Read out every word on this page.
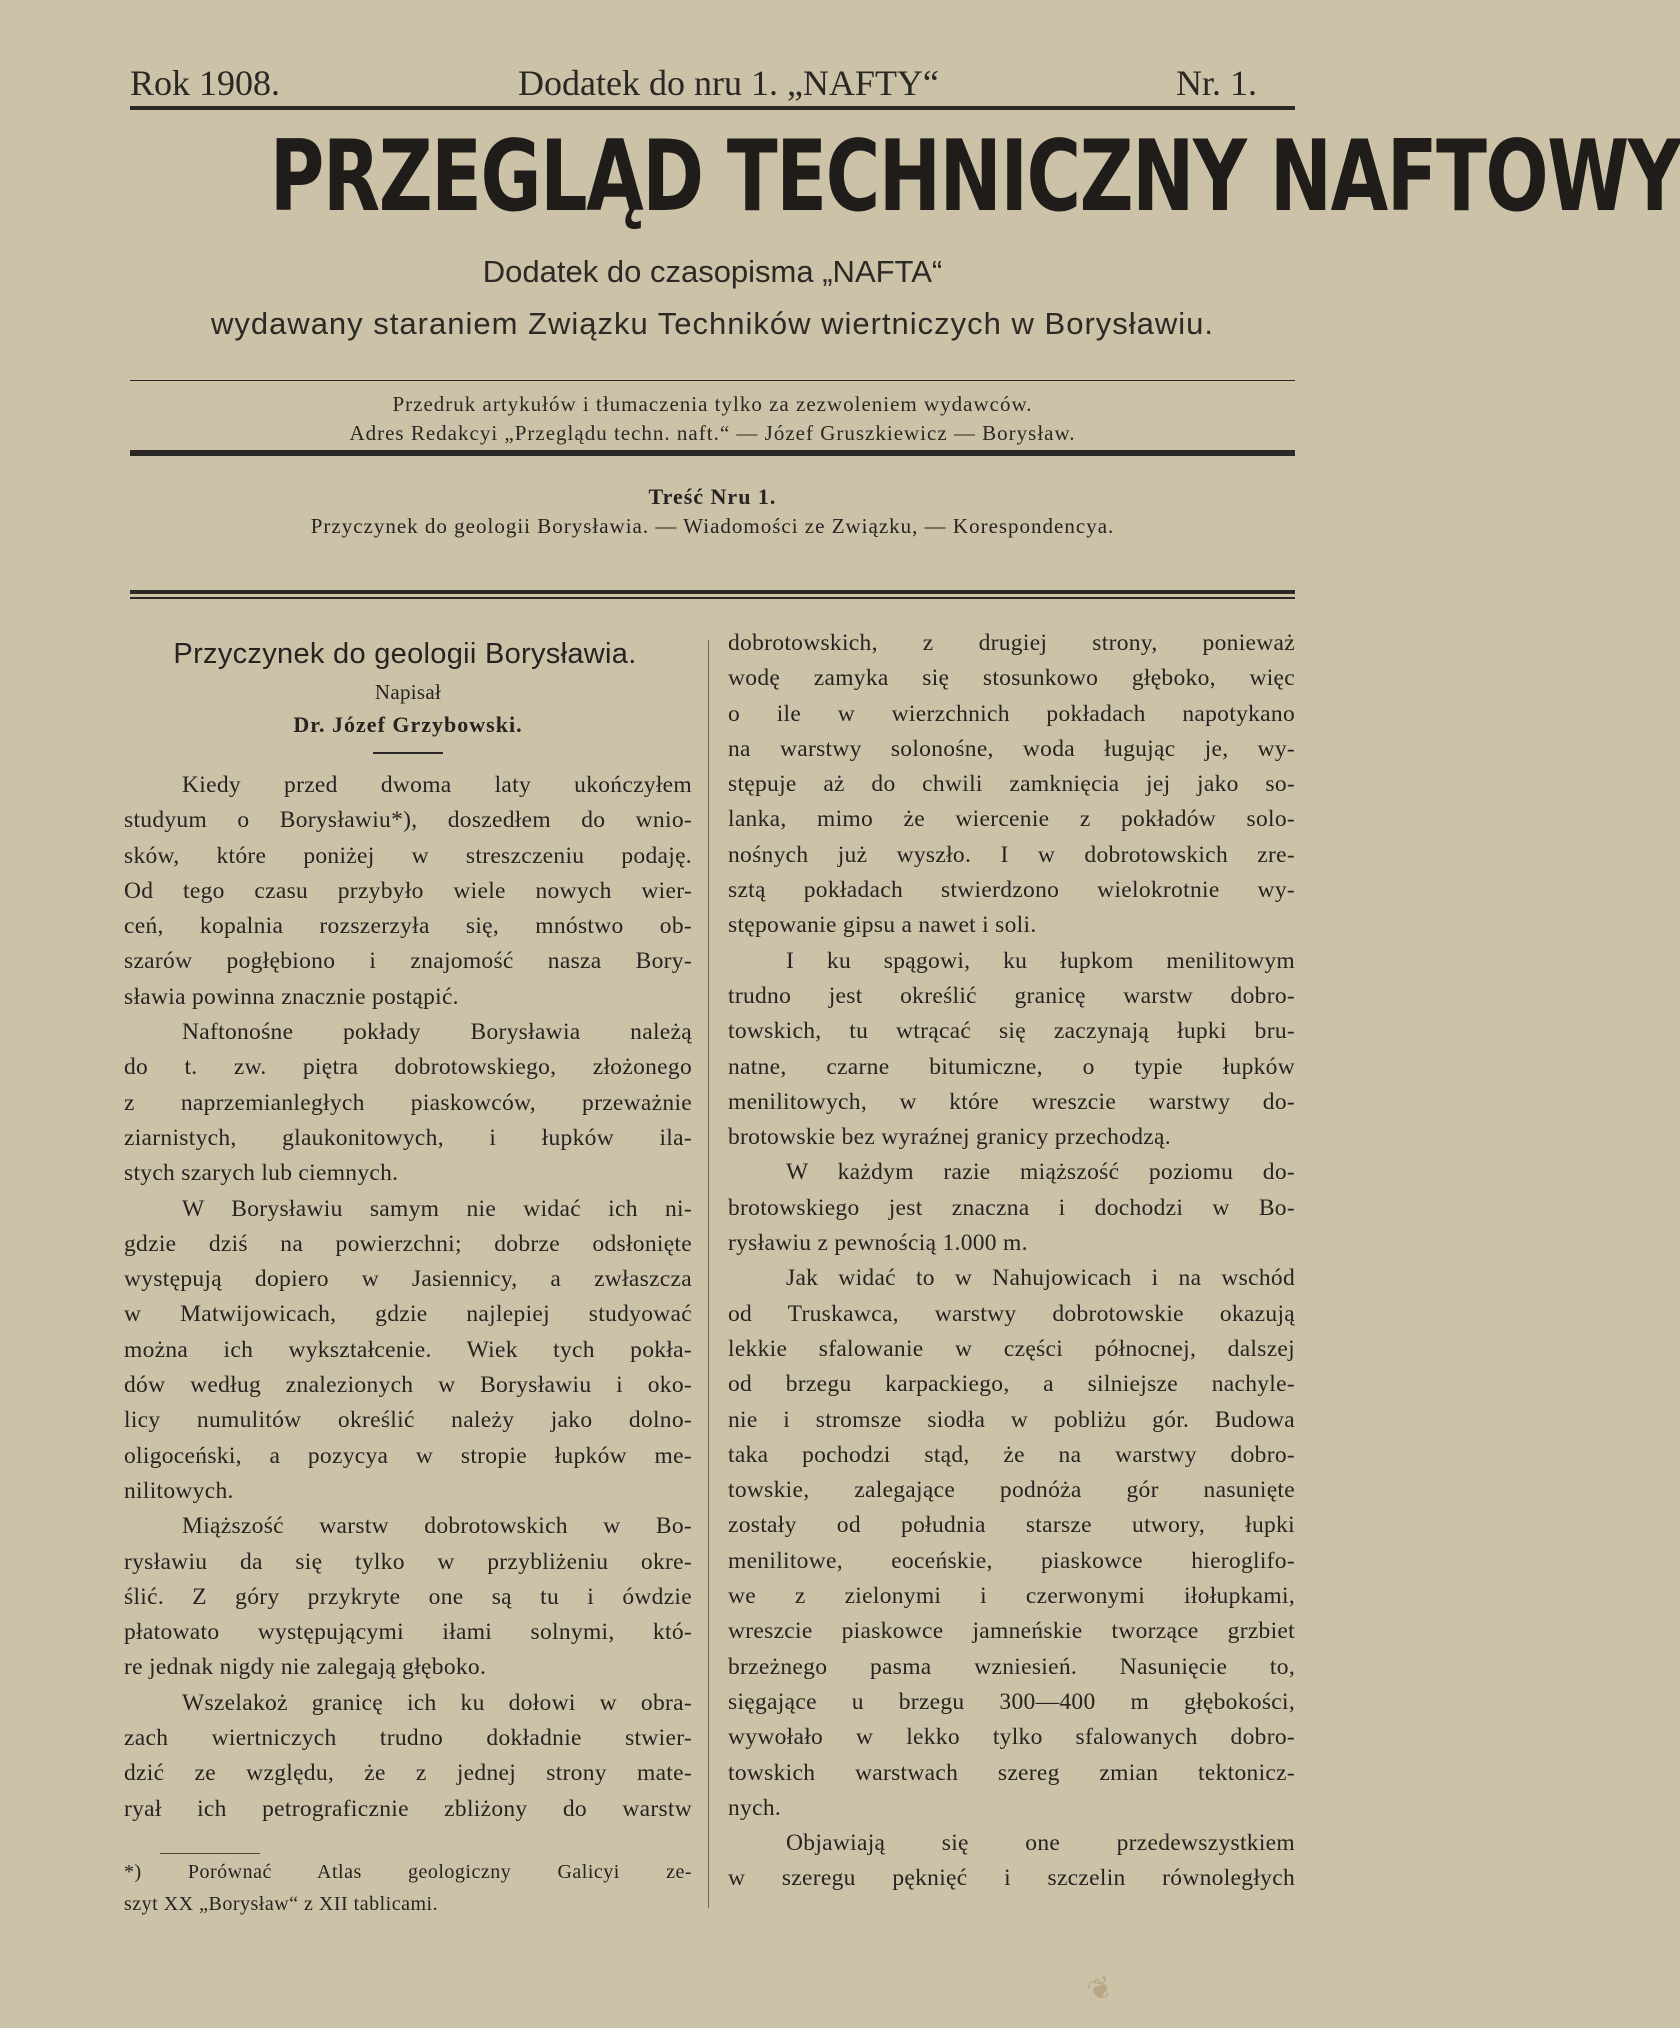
Rok 1908.	Dodatek do nru 1. „NAFTY“	Nr. 1.
PRZEGLĄD TECHNICZNY NAFTOWY
Dodatek do czasopisma „NAFTA“
wydawany staraniem Związku Techników wiertniczych w Borysławiu.
Przedruk artykułów i tłumaczenia tylko za zezwoleniem wydawców.
Adres Redakcyi „Przeglądu techn. naft.“ — Józef Gruszkiewicz — Borysław.
Treść Nru 1.
Przyczynek do geologii Borysławia. — Wiadomości ze Związku, — Korespondencya.
Przyczynek do geologii Borysławia.
Napisał
Dr. Józef Grzybowski.
Kiedy przed dwoma laty ukończyłem
studyum o Borysławiu*), doszedłem do wnio-
sków, które poniżej w streszczeniu podaję.
Od tego czasu przybyło wiele nowych wier-
ceń, kopalnia rozszerzyła się, mnóstwo ob-
szarów pogłębiono i znajomość nasza Bory-
sławia powinna znacznie postąpić.
Naftonośne pokłady Borysławia należą
do t. zw. piętra dobrotowskiego, złożonego
z naprzemianległych piaskowców, przeważnie
ziarnistych, glaukonitowych, i łupków ila-
stych szarych lub ciemnych.
W Borysławiu samym nie widać ich ni-
gdzie dziś na powierzchni; dobrze odsłonięte
występują dopiero w Jasiennicy, a zwłaszcza
w Matwijowicach, gdzie najlepiej studyować
można ich wykształcenie. Wiek tych pokła-
dów według znalezionych w Borysławiu i oko-
licy numulitów określić należy jako dolno-
oligoceński, a pozycya w stropie łupków me-
nilitowych.
Miąższość warstw dobrotowskich w Bo-
rysławiu da się tylko w przybliżeniu okre-
ślić. Z góry przykryte one są tu i ówdzie
płatowato występującymi iłami solnymi, któ-
re jednak nigdy nie zalegają głęboko.
Wszelakoż granicę ich ku dołowi w obra-
zach wiertniczych trudno dokładnie stwier-
dzić ze względu, że z jednej strony mate-
ryał ich petrograficznie zbliżony do warstw
dobrotowskich, z drugiej strony, ponieważ
wodę zamyka się stosunkowo głęboko, więc
o ile w wierzchnich pokładach napotykano
na warstwy solonośne, woda ługując je, wy-
stępuje aż do chwili zamknięcia jej jako so-
lanka, mimo że wiercenie z pokładów solo-
nośnych już wyszło. I w dobrotowskich zre-
sztą pokładach stwierdzono wielokrotnie wy-
stępowanie gipsu a nawet i soli.
I ku spągowi, ku łupkom menilitowym
trudno jest określić granicę warstw dobro-
towskich, tu wtrącać się zaczynają łupki bru-
natne, czarne bitumiczne, o typie łupków
menilitowych, w które wreszcie warstwy do-
brotowskie bez wyraźnej granicy przechodzą.
W każdym razie miąższość poziomu do-
brotowskiego jest znaczna i dochodzi w Bo-
rysławiu z pewnością 1.000 m.
Jak widać to w Nahujowicach i na wschód
od Truskawca, warstwy dobrotowskie okazują
lekkie sfalowanie w części północnej, dalszej
od brzegu karpackiego, a silniejsze nachyle-
nie i stromsze siodła w pobliżu gór. Budowa
taka pochodzi stąd, że na warstwy dobro-
towskie, zalegające podnóża gór nasunięte
zostały od południa starsze utwory, łupki
menilitowe, eoceńskie, piaskowce hieroglifo-
we z zielonymi i czerwonymi iłołupkami,
wreszcie piaskowce jamneńskie tworzące grzbiet
brzeżnego pasma wzniesień. Nasunięcie to,
sięgające u brzegu 300—400 m głębokości,
wywołało w lekko tylko sfalowanych dobro-
towskich warstwach szereg zmian tektonicz-
nych.
Objawiają się one przedewszystkiem
w szeregu pęknięć i szczelin równoległych
*) Porównać Atlas geologiczny Galicyi ze-
szyt XX „Borysław“ z XII tablicami.
❦
